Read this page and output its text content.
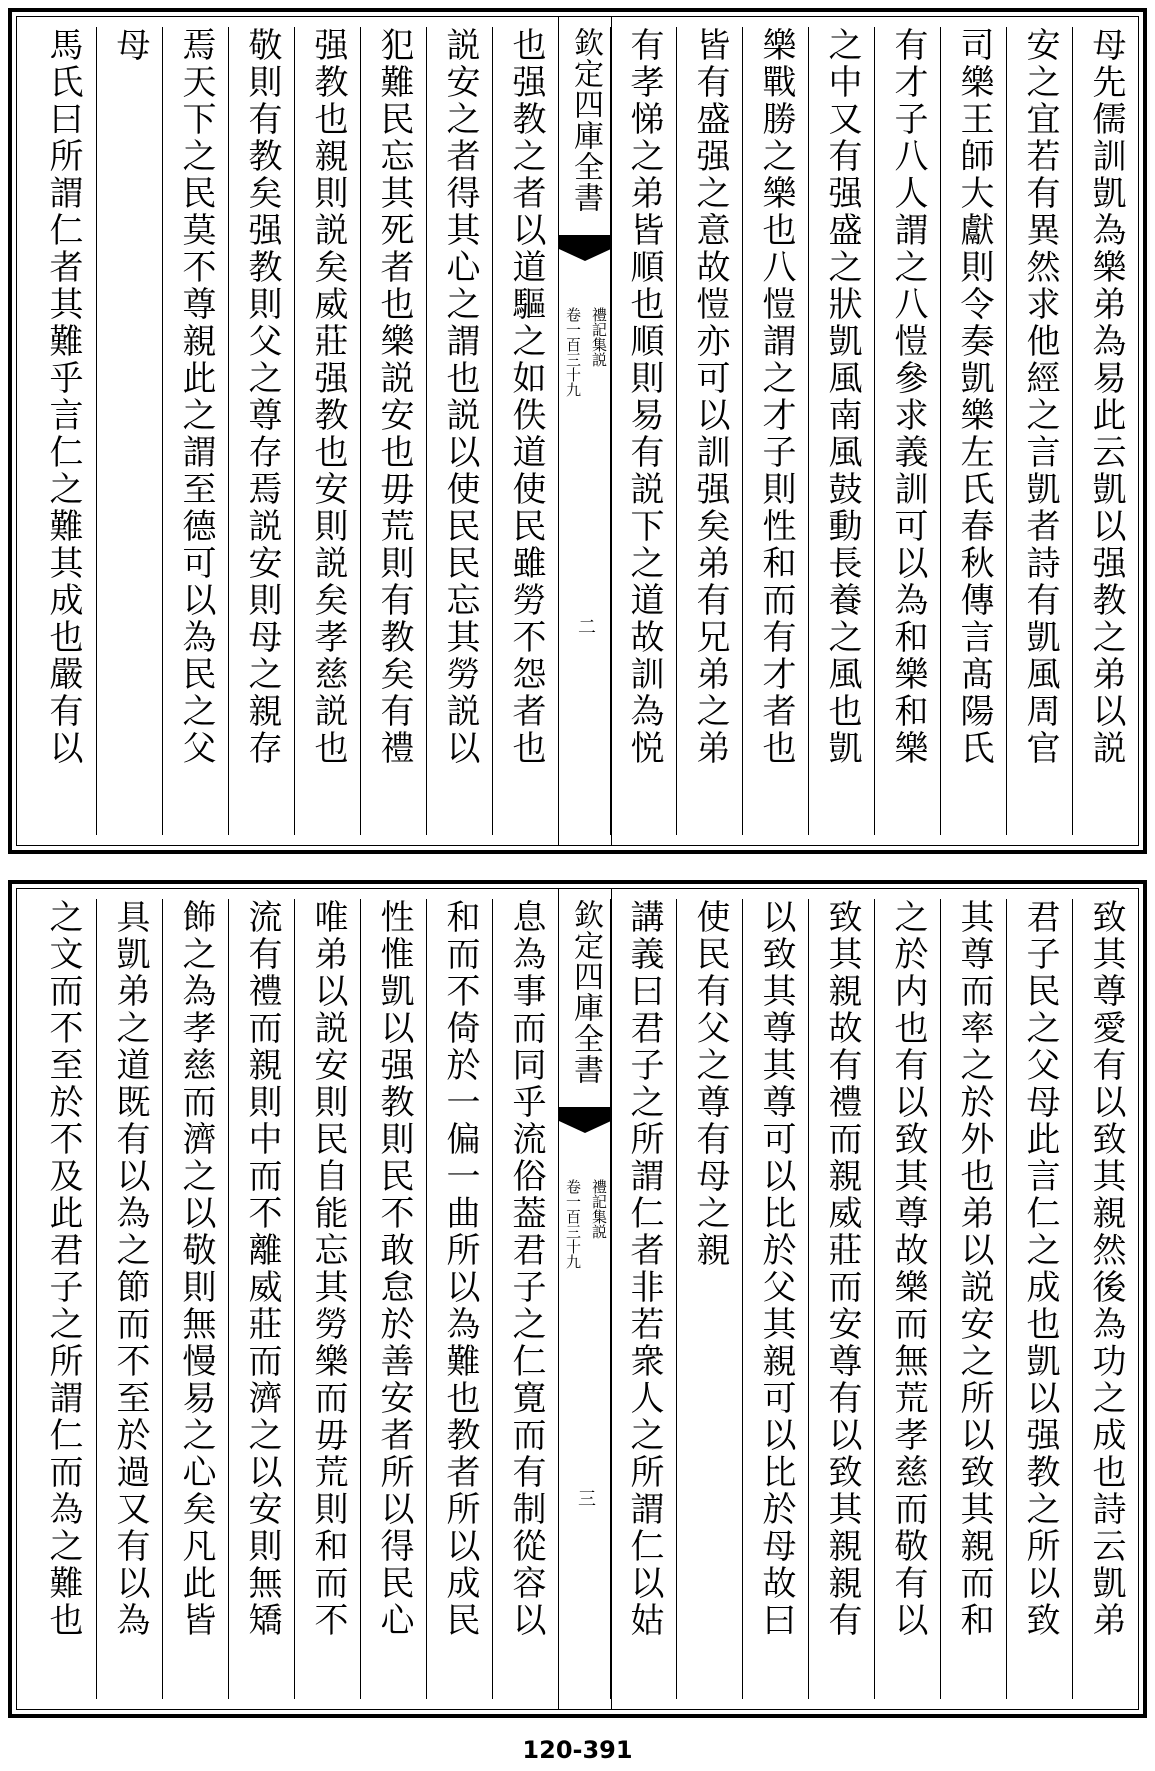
母先儒訓凱為樂弟為易此云凱以强教之弟以説
安之宜若有異然求他經之言凱者詩有凱風周官
司樂王師大獻則令奏凱樂左氏春秋傳言髙陽氏
有才子八人謂之八愷參求義訓可以為和樂和樂
之中又有强盛之狀凱風南風鼓動長養之風也凱
樂戰勝之樂也八愷謂之才子則性和而有才者也
皆有盛强之意故愷亦可以訓强矣弟有兄弟之弟
有孝悌之弟皆順也順則易有説下之道故訓為悦
欽定四庫全書
禮記集説
卷一百三十九
二
也强教之者以道驅之如佚道使民雖勞不怨者也
説安之者得其心之謂也説以使民民忘其勞説以
犯難民忘其死者也樂説安也毋荒則有教矣有禮
强教也親則説矣威莊强教也安則説矣孝慈説也
敬則有教矣强教則父之尊存焉説安則母之親存
焉天下之民莫不尊親此之謂至德可以為民之父
母
馬氏曰所謂仁者其難乎言仁之難其成也嚴有以
致其尊愛有以致其親然後為功之成也詩云凱弟
君子民之父母此言仁之成也凱以强教之所以致
其尊而率之於外也弟以説安之所以致其親而和
之於内也有以致其尊故樂而無荒孝慈而敬有以
致其親故有禮而親威莊而安尊有以致其親親有
以致其尊其尊可以比於父其親可以比於母故曰
使民有父之尊有母之親
講義曰君子之所謂仁者非若衆人之所謂仁以姑
欽定四庫全書
禮記集説
卷一百三十九
三
息為事而同乎流俗葢君子之仁寛而有制從容以
和而不倚於一偏一曲所以為難也教者所以成民
性惟凱以强教則民不敢怠於善安者所以得民心
唯弟以説安則民自能忘其勞樂而毋荒則和而不
流有禮而親則中而不離威莊而濟之以安則無矯
飾之為孝慈而濟之以敬則無慢易之心矣凡此皆
具凱弟之道既有以為之節而不至於過又有以為
之文而不至於不及此君子之所謂仁而為之難也
120-391
